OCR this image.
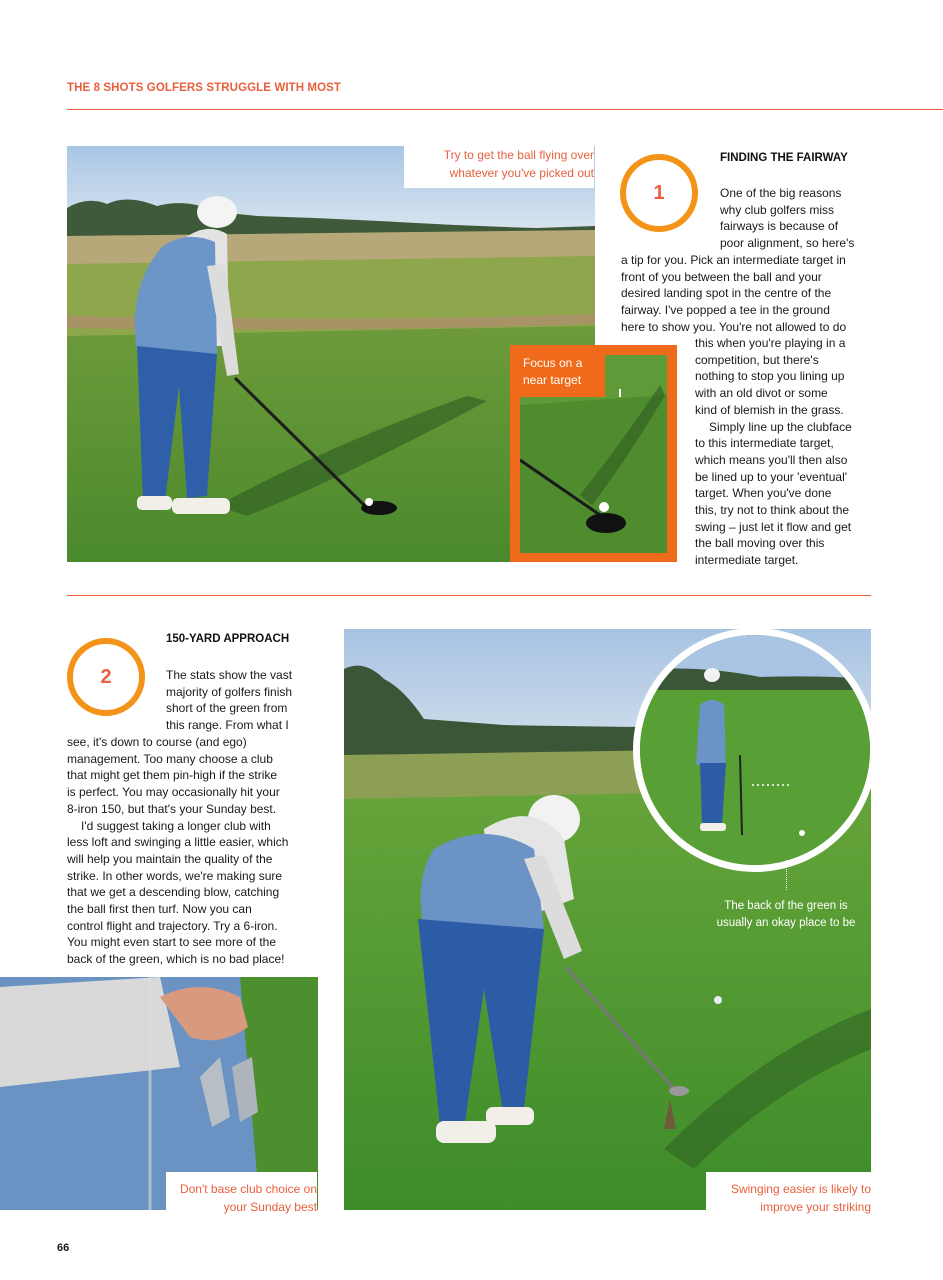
THE 8 SHOTS GOLFERS STRUGGLE WITH MOST
Try to get the ball flying over whatever you've picked out
Focus on a near target
1
FINDING THE FAIRWAY

One of the big reasons

why club golfers miss

fairways is because of

poor alignment, so here's

a tip for you. Pick an intermediate target in

front of you between the ball and your

desired landing spot in the centre of the

fairway. I've popped a tee in the ground

here to show you. You're not allowed to do

this when you're playing in a

competition, but there's

nothing to stop you lining up

with an old divot or some

kind of blemish in the grass.

Simply line up the clubface

to this intermediate target,

which means you'll then also

be lined up to your 'eventual'

target. When you've done

this, try not to think about the

swing – just let it flow and get

the ball moving over this

intermediate target.

2
150-YARD APPROACH

The stats show the vast

majority of golfers finish

short of the green from

this range. From what I

see, it's down to course (and ego)

management. Too many choose a club

that might get them pin-high if the strike

is perfect. You may occasionally hit your

8-iron 150, but that's your Sunday best.

I'd suggest taking a longer club with

less loft and swinging a little easier, which

will help you maintain the quality of the

strike. In other words, we're making sure

that we get a descending blow, catching

the ball first then turf. Now you can

control flight and trajectory. Try a 6-iron.

You might even start to see more of the

back of the green, which is no bad place!

Don't base club choice on your Sunday best
The back of the green is usually an okay place to be
Swinging easier is likely to improve your striking
66
